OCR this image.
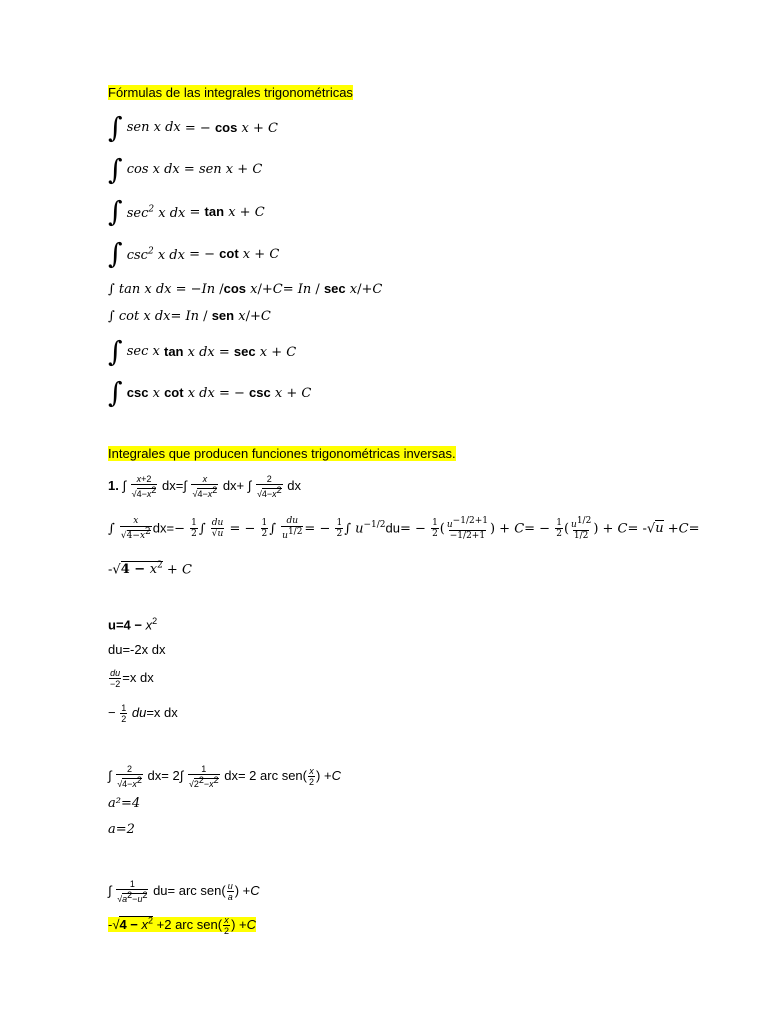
Fórmulas de las integrales trigonométricas
∫ sen x dx = − cos x + C
∫ cos x dx = sen x + C
∫ $\sec^2 x$ dx = tan x + C
∫ $\csc^2 x$ dx = − cot x + C
∫ tan x dx = −In /cos x/+C= In / sec x/+C
∫ cot x dx= In / sen x/+C
∫ sec x tan x dx = sec x + C
∫ csc x cot x dx = − csc x + C
Integrales que producen funciones trigonométricas inversas.
1. ∫ $\frac{x+2}{√4-x^2} dx=\int \frac{x}{√4-x^2} dx+$ ∫ $\frac{2}{√4-x^2}$ dx
∫ $\frac{x}{√4-x^2} dx=- \frac{1}{2}$ ∫ $\frac{du}{√u}$ = − $\frac{1}{2}$ ∫ $\frac{du}{u^{1/2}}$ = − $\frac{1}{2}$ ∫ $u^{-1/2}du= - \frac{1}{2}$ ( $\frac{u^{-1/2+1}}{-1/2+1}$ ) + $C= - \frac{1}{2}$ ( $\frac{u^{1/2}}{1/2}$ ) + C= -√u +C=
$-√4 - x^2 + C$
$u=4 - x^2$
du=-2x dx
$\frac{du}{-2} =x$ dx
− $\frac{1}{2} du=x$ dx
∫ $\frac{2}{√4-x^2} dx= 2\int \frac{1}{√2^2-x^2} dx= 2$ arc $sen( \frac{x}{2}$ ) +C
a²=4
a=2
∫ $\frac{1}{√a^2-u^2} du=$ arc $sen( \frac{u}{a}$ ) +C
$-√4 - x^2 +2$ arc $sen( \frac{x}{2}$ ) +C
